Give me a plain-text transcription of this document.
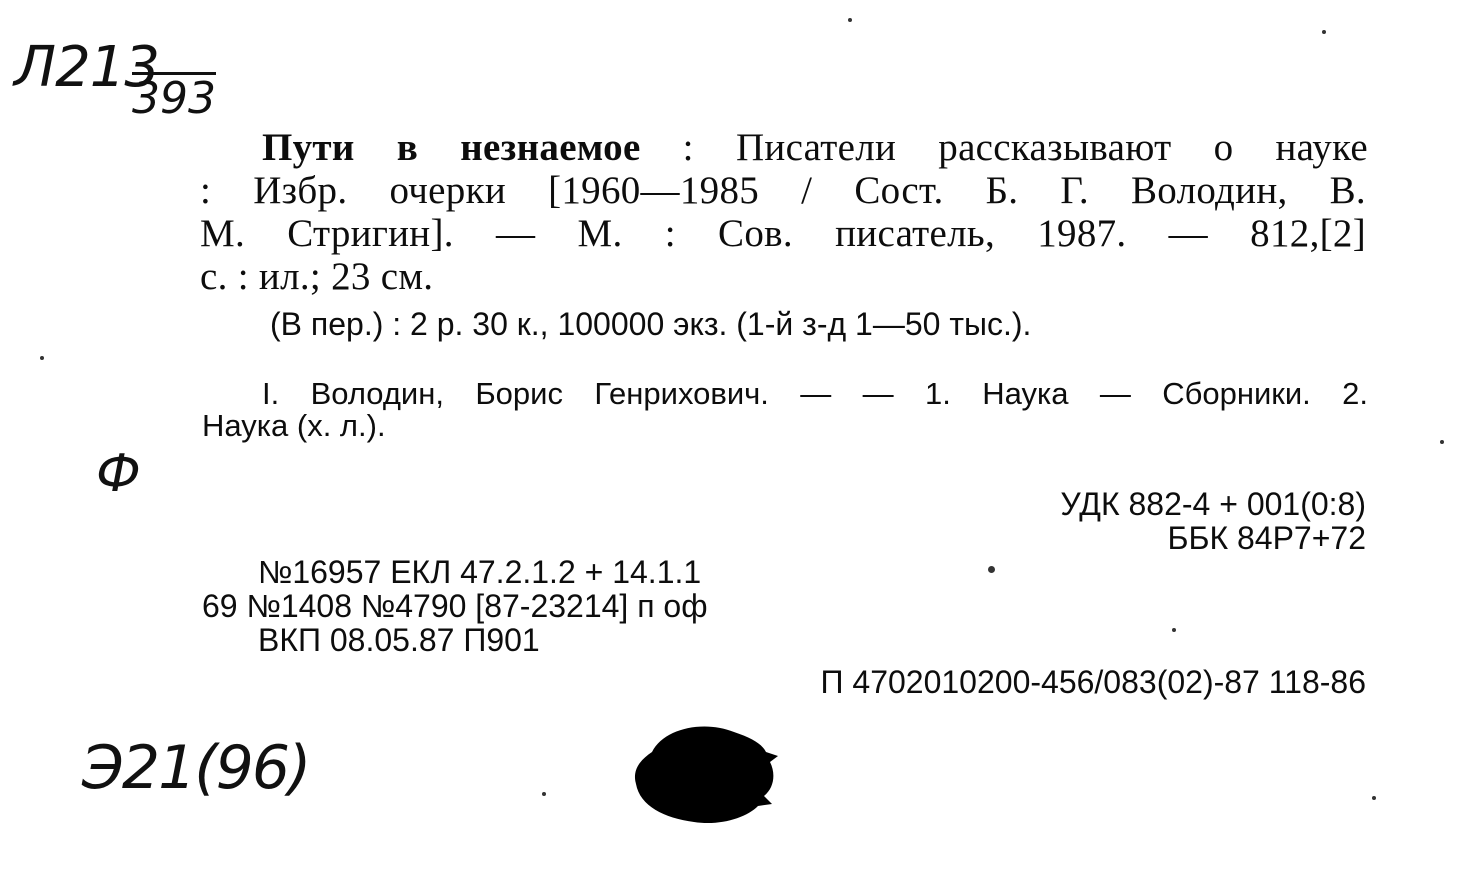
Л213
393
Ф
Э21(96)
Пути в незнаемое : Писатели рассказывают о науке
: Избр. очерки [1960—1985 / Сост. Б. Г. Володин, В.
М. Стригин]. — М. : Сов. писатель, 1987. — 812,[2]
с. : ил.; 23 см.
(В пер.) : 2 р. 30 к., 100000 экз. (1-й з-д 1—50 тыс.).
I. Володин, Борис Генрихович. — — 1. Наука — Сборники. 2.
Наука (х. л.).
УДК 882-4 + 001(0:8)
ББК 84Р7+72
№16957 ЕКЛ 47.2.1.2 + 14.1.1
69 №1408 №4790 [87-23214] п оф
ВКП 08.05.87 П901
П 4702010200-456/083(02)-87 118-86
